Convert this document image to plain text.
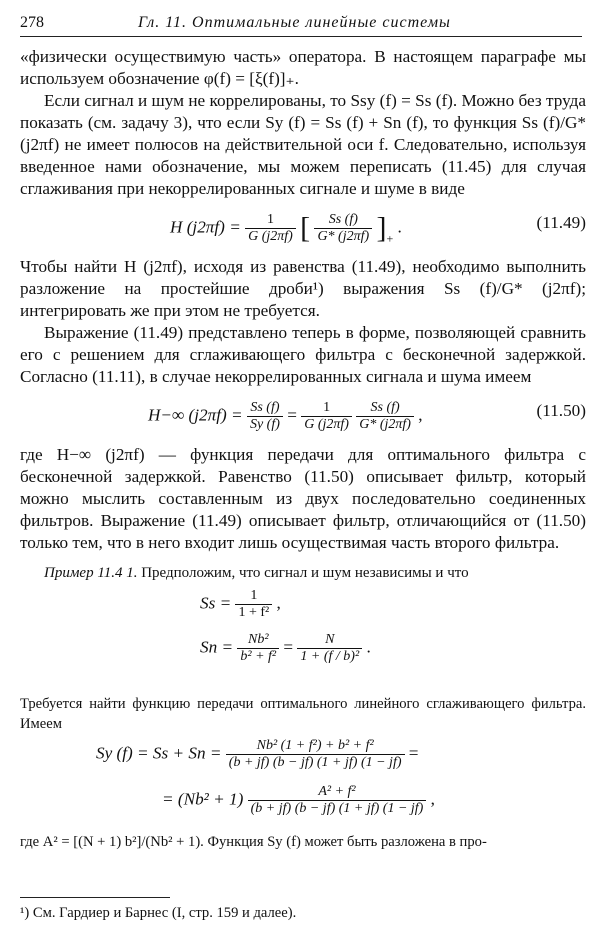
278	Гл. 11. Оптимальные линейные системы

«физически осуществимую часть» оператора. В настоящем параграфе мы используем обозначение φ(f) = [ξ(f)]₊.

Если сигнал и шум не коррелированы, то Ssy (f) = Ss (f). Можно без труда показать (см. задачу 3), что если Sy (f) = Ss (f) + Sn (f), то функция Ss (f)/G* (j2πf) не имеет полюсов на действительной оси f. Следовательно, используя введенное нами обозначение, мы можем переписать (11.45) для случая сглаживания при некоррелированных сигнале и шуме в виде

H $(j2\pi f) = \frac{1}{G (j2\pi f)}$ [ $\frac{Ss (f)}{G* (j2\pi f)} ]_+$ .	(11.49)

Чтобы найти H (j2πf), исходя из равенства (11.49), необходимо выполнить разложение на простейшие дроби¹) выражения Ss (f)/G* (j2πf); интегрировать же при этом не требуется.

Выражение (11.49) представлено теперь в форме, позволяющей сравнить его с решением для сглаживающего фильтра с бесконечной задержкой. Согласно (11.11), в случае некоррелированных сигнала и шума имеем

H−∞ $(j2\pi f) = \frac{Ss (f)}{Sy (f)} = \frac{1}{G (j2\pi f)}$
$\frac{Ss (f)}{G* (j2\pi f)}$ ,	(11.50)

где H−∞ (j2πf) — функция передачи для оптимального фильтра с бесконечной задержкой. Равенство (11.50) описывает фильтр, который можно мыслить составленным из двух последовательно соединенных фильтров. Выражение (11.49) описывает фильтр, отличающийся от (11.50) только тем, что в него входит лишь осуществимая часть второго фильтра.

Пример 11.4 1. Предположим, что сигнал и шум независимы и что

$Ss = \frac{1}{\text{1 + f²}}$ ,
$Sn = \frac{\text{Nb²}}{\text{b² + f²}} = \frac{N}{\text{1 + (f / b)²}}$ .

Требуется найти функцию передачи оптимального линейного сглаживающего фильтра. Имеем

Sy $(f) = Ss + Sn = \frac{\text{Nb² (1 + f²) + b² + f²}}{(b + jf) (b - jf) (1 + jf) (1 - jf)}$ =
= $(Nb^2 + 1) \frac{\text{A² + f²}}{(b + jf) (b - jf) (1 + jf) (1 - jf)}$ ,

где A² = [(N + 1) b²]/(Nb² + 1). Функция Sy (f) может быть разложена в про-

¹) См. Гардиер и Барнес (I, стр. 159 и далее).
